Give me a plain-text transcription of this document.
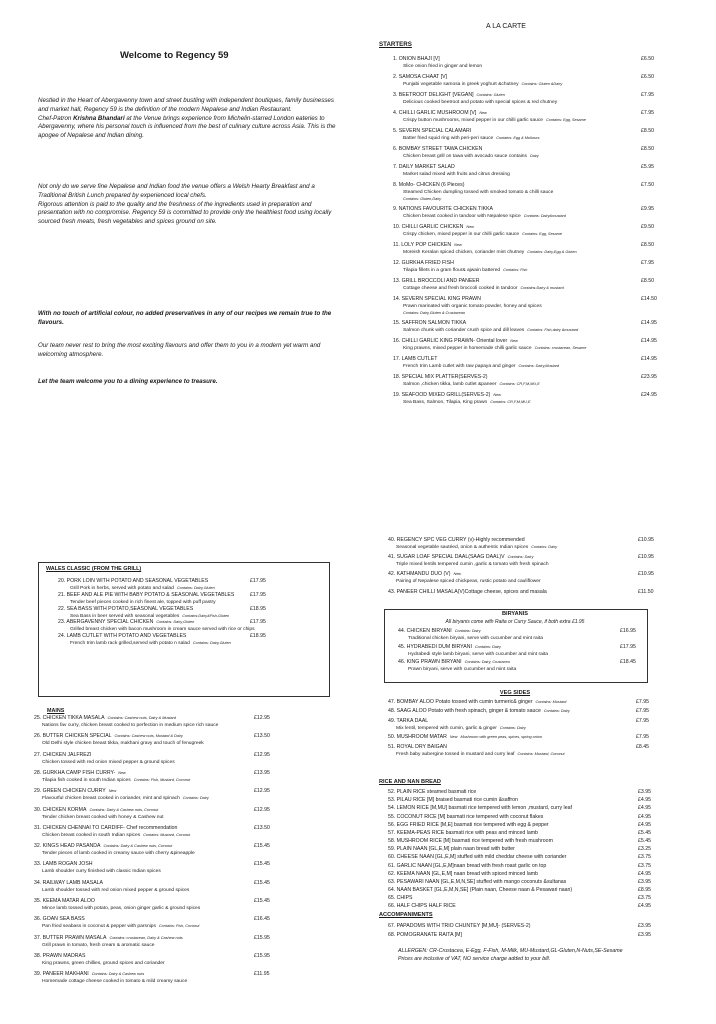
Welcome to Regency 59

Nestled in the Heart of Abergavenny town and street bustling with independent boutiques, family businesses and market hall, Regency 59 is the definition of the modern Nepalese and Indian Restaurant.

Chef-Patron Krishna Bhandari at the Venue brings experience from Michelin-starred London eateries to Abergavenny, where his personal touch is influenced from the best of culinary culture across Asia. This is the apogee of Nepalese and Indian dining.

Not only do we serve fine Nepalese and Indian food the venue offers a Welsh Hearty Breakfast and a Traditional British Lunch prepared by experienced local chefs.

Rigorous attention is paid to the quality and the freshness of the ingredients used in preparation and presentation with no compromise. Regency 59 is committed to provide only the healthiest food using locally sourced fresh meats, fresh vegetables and spices ground on site.

With no touch of artificial colour, no added preservatives in any of our recipes we remain true to the flavours.
Our team never rest to bring the most exciting flavours and offer them to you in a modern yet warm and welcoming atmosphere.
Let the team welcome you to a dining experience to treasure.
A LA CARTE
STARTERS
1. ONION BHAJI [V]	£6.50
Slice onion fried in ginger and lemon
2. SAMOSA CHAAT [V]	£6.50
Punjabi vegetable samosa in greek yoghurt &chutney Contains: Gluten &Dairy
3. BEETROOT DELIGHT [VEGAN] Contains: Gluten	£7.95
Delicious cooked beetroot and potato with special spices & red chutney
4. CHILLI GARLIC MUSHROOM [V] New	£7.95
Crispy button mushrooms, mixed pepper in our chilli garlic sauce Contains: Egg, Sesame
5. SEVERN SPECIAL CALAMARI	£8.50
Batter fried squid ring with peri-peri sauce Contains: Egg & Molluscs
6. BOMBAY STREET TAWA CHICKEN	£8.50
Chicken breast grill on tawa with avocado sauce contains Dairy
7. DAILY MARKET SALAD	£5.95
Market salad mixed with fruits and citrus dressing
8. MoMo- CHICKEN (6 Pieces)	£7.50
Steamed Chicken dumpling tossed with smoked tomato & chilli sauce
Contains: Gluten,Dairy
9. NATIONS FAVOURITE CHICKEN TIKKA	£9.95
Chicken breast cooked in tandoor with Nepalese spice Contains: Dairy&mustard
10. CHILLI GARLIC CHICKEN New	£9.50
Crispy chicken, mixed pepper in our chilli garlic sauce Contains: Egg, Sesame
11. LOLY POP CHICKEN New	£8.50
Moreish Keralan spiced chicken, coriander mint chutney Contains: Dairy,Egg & Gluten
12. GURKHA FRIED FISH	£7.95
Tilapia fillets in a gram flour& ajwain battered Contains: Fish
13. GRILL BROCCOLI AND PANEER	£8.50
Cottage cheese and fresh broccoli cooked in tandoor Contains:Dairy & mustard
14. SEVERN SPECIAL KING PRAWN	£14.50
Prawn marinated with organic tomato powder, honey and spices
Contains: Dairy,Gluten & Crustacean
15. SAFFRON SALMON TIKKA	£14.95
Salmon chunk with coriander crush spice and dill leaves Contains: Fish,dairy &mustard
16. CHILLI GARLIC KING PRAWN- Oriental lover New	£14.95
King prawns, mixed pepper in homemade chilli garlic sauce Contains: crustacean, Sesame
17. LAMB CUTLET	£14.95
French trim Lamb cutlet with raw papaya and ginger Contains: Dairy,Mustard
18. SPECIAL MIX PLATTER(SERVES-2)	£23.95
Salmon ,chicken tikka, lamb cutlet &paneer Contains: CR,F,M,MU,E
19. SEAFOOD MIXED GRILL(SERVES-2) New	£24.95
Sea Bass, Salmon, Tilapia, King prawn Contains: CR,F,M,MU,E
WALES CLASSIC (FROM THE GRILL)
20. PORK LOIN WITH POTATO AND SEASONAL VEGETABLES	£17.95
Grill Pork in herbs, served with potato and salad Contains: Dairy,Gluten
21. BEEF AND ALE PIE WITH BABY POTATO & SEASONAL VEGETABLES	£17.95
Tender beef pieces cooked in rich finest ale, topped with puff pastry
22. SEA BASS WITH POTATO,SEASONAL VEGETABLES	£18.95
Sea Bass in beer served with seasonal vegetables Contains:Dairy&Fish,Gluten
23. ABERGAVENNY SPECIAL CHICKEN Contains: Dairy,Gluten	£17.95
Grilled breast chicken with bacon mushroom in cream sauce served with rice or chips
24. LAMB CUTLET WITH POTATO AND VEGETABLES	£18.95
French trim lamb rack grilled,served with potato n salad Contains: Dairy,Gluten
MAINS
25. CHICKEN TIKKA MASALA Contains: Cashew nuts, Dairy & Mustard	£12.95
Nations fav curry, chicken breast cooked to perfection in medium spice rich sauce
26. BUTTER CHICKEN SPECIAL Contains: Cashew nuts, Mustard & Dairy	£13.50
Old Delhi style chicken breast tikka, makhani gravy and touch of fenugreek
27. CHICKEN JALFREZI	£12.95
Chicken tossed with red onion mixed pepper & ground spices
28. GURKHA CAMP FISH CURRY- New	£13.95
Tilapia fish cooked in south Indian spices Contains: Fish, Mustard, Coconut
29. GREEN CHICKEN CURRY New	£12.95
Flavourful chicken breast cooked in coriander, mint and spinach Contains: Dairy
30. CHICKEN KORMA Contains: Dairy & Cashew nuts, Coconut	£12.95
Tender chicken breast cooked with honey & Cashew nut
31. CHICKEN CHENNAI TO CARDIFF- Chef recommendation	£13.50
Chicken breast cooked in south Indian spices Contains: Mustard, Coconut
32. KINGS HEAD PASANDA Contains: Dairy & Cashew nuts, Coconut	£15.45
Tender pieces of lamb cooked in creamy sauce with cherry &pineapple
33. LAMB ROGAN JOSH	£15.45
Lamb shoulder curry finished with classic Indian spices
34. RAILWAY LAMB MASALA	£15.45
Lamb shoulder tossed with red onion mixed pepper & ground spices
35. KEEMA MATAR ALOO	£15.45
Mince lamb tossed with potato, peas, onion ginger garlic & ground spices
36. GOAN SEA BASS	£16.45
Pan fried seabass in coconut & pepper with parsnips Contains: Fish, Coconut
37. BUTTER PRAWN MASALA Contains: crustacean, Dairy & Cashew nuts	£15.95
Grill prawn in tomato, fresh cream & aromatic sauce
38. PRAWN MADRAS	£15.95
King prawns, green chillies, ground spices and coriander
39. PANEER MAKHANI Contains: Dairy & Cashew nuts	£11.95
Homemade cottage cheese cooked in tomato & mild creamy sauce
40. REGENCY SPC VEG CURRY (v)-Highly recommended	£10.95
Seasonal vegetable sautéed, onion & authentic Indian spices Contains: Dairy
41. SUGAR LOAF SPECIAL DAAL(SAAG DAAL)V Contains: Dairy	£10.95
Triple mixed lentils tempered cumin ,garlic & tomato with fresh spinach
42. KATHMANDU DUO (V) New	£10.95
Pairing of Nepalese spiced chickpeas, rustic potato and cauliflower
43. PANEER CHILLI MASALA(V)Cottage cheese, spices and masala	£11.50
BIRYANIS
All biryanis come with Raita or Curry Sauce, if both extra £1.95
44. CHICKEN BIRYANI Contains: Dairy	£16.95
Traditional chicken biryani, serve with cucumber and mint raita
45. HYDRABEDI DUM BIRYANI Contains: Dairy	£17.95
Hydrabedi style lamb biryani, serve with cucumber and mint raita
46. KING PRAWN BIRYANI Contains: Dairy, Crustacea	£18.45
Prawn biryani, serve with cucumber and mint raita
VEG SIDES
47. BOMBAY ALOO Potato tossed with cumin turmeric& ginger Contains: Mustard	£7.95
48. SAAG ALOO Potato with fresh spinach, ginger & tomato sauce Contains: Dairy	£7.95
49. TARKA DAAL	£7.95
Mix lentil, tempered with cumin, garlic & ginger Contains: Dairy
50. MUSHROOM MATAR New Mushroom with green peas, spices, spring onion	£7.95
51. ROYAL DRY BAIGAN	£8.45
Fresh baby aubergine tossed in mustard and curry leaf Contains: Mustard, Coconut
RICE AND NAN BREAD
52. PLAIN RICE steamed basmati rice	£3.95
53. PILAU RICE [M] braised basmati rice cumin &saffron	£4.95
54. LEMON RICE [M,MU] basmati rice tempered with lemon ,mustard, curry leaf	£4.95
55. COCONUT RICE [M] basmati rice tempered with coconut flakes	£4.95
56. EGG FRIED RICE [M,E] basmati rice tempered with egg & pepper	£4.95
57. KEEMA-PEAS RICE basmati rice with peas and minced lamb	£5.45
58. MUSHROOM RICE [M] basmati rice tempered with fresh mushroom	£5.45
59. PLAIN NAAN [GL,E,M] plain naan bread with butter	£3.25
60. CHEESE NAAN [GL,E,M] stuffed with mild cheddar cheese with coriander	£3.75
61. GARLIC NAAN [GL,E,M]naan bread with fresh roast garlic on top	£3.75
62. KEEMA NAAN [GL,E,M] naan bread with spiced minced lamb	£4.95
63. PESAWARI NAAN [GL,E,M,N,SE] stuffed with mango coconuts &sultanas	£3.95
64. NAAN BASKET [GL,E,M,N,SE] (Plain naan, Cheese naan & Pesawari naan)	£8.95
65. CHIPS	£3.75
66. HALF CHIPS HALF RICE	£4.95
ACCOMPANIMENTS
67. PAPADOMS WITH TRIO CHUNTEY [M,MU]- (SERVES-2)	£3.95
68. POMOGRANATE RAITA [M]	£3.95
ALLERGEN: CR-Crustacea, E-Egg, F-Fish, M-Milk, MU-Mustard,GL-Gluten,N-Nuts,SE-Sesame
Prices are inclusive of VAT, NO service charge added to your bill.
